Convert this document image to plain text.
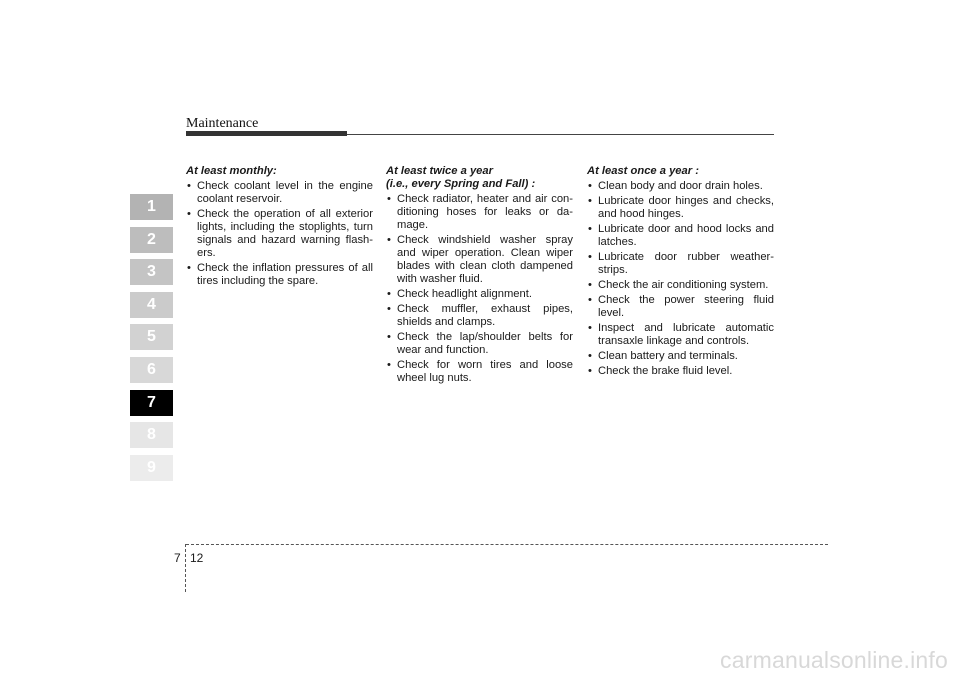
Maintenance
1
2
3
4
5
6
7
8
9
At least monthly:
• Check coolant level in the engine coolant reservoir.
• Check the operation of all exterior lights, including the stoplights, turn signals and hazard warning flash-ers.
• Check the inflation pressures of all tires including the spare.
At least twice a year
(i.e., every Spring and Fall) :
• Check radiator, heater and air con-ditioning hoses for leaks or da-mage.
• Check windshield washer spray and wiper operation. Clean wiper blades with clean cloth dampened with washer fluid.
• Check headlight alignment.
• Check muffler, exhaust pipes, shields and clamps.
• Check the lap/shoulder belts for wear and function.
• Check for worn tires and loose wheel lug nuts.
At least once a year :
• Clean body and door drain holes.
• Lubricate door hinges and checks, and hood hinges.
• Lubricate door and hood locks and latches.
• Lubricate door rubber weather-strips.
• Check the air conditioning system.
• Check the power steering fluid level.
• Inspect and lubricate automatic transaxle linkage and controls.
• Clean battery and terminals.
• Check the brake fluid level.
7 12
carmanualsonline.info
